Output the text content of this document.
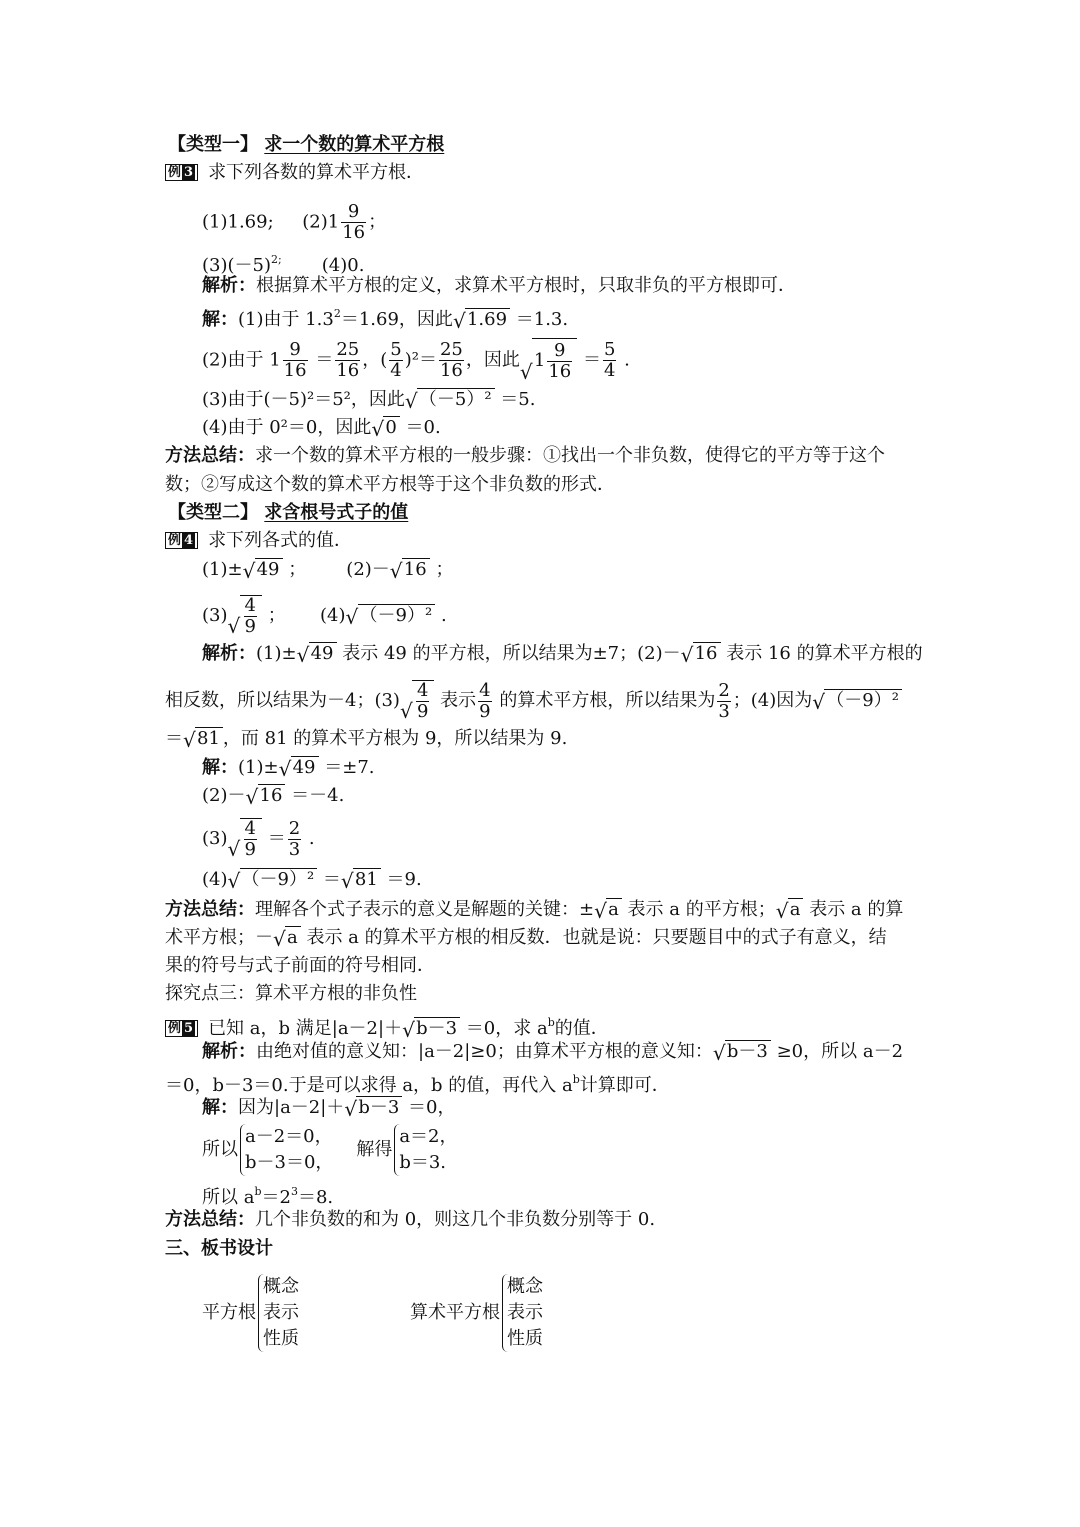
【类型一】 求一个数的算术平方根
例 3 求下列各数的算术平方根．
(1)1.69; $(2)1 \frac{9}{16}$ ；
$(3)(-5)^{2;}$ (4)0.
解析：根据算术平方根的定义，求算术平方根时，只取非负的平方根即可．
解：(1)由于 $1.3^2=1.69$，因此 √ 1.69 ＝1.3.
(2)由于 $1 \frac{9}{16} = \frac{25}{16}$ ，( $\frac{5}{4} )^2= \frac{25}{16}$ ，因此 √ $1 \frac{9}{16} = \frac{5}{4}$ .
(3)由于(－5)²＝5²，因此 √ （－5）² ＝5.
(4)由于 0²＝0，因此 √ 0 ＝0.
方法总结：求一个数的算术平方根的一般步骤：①找出一个非负数，使得它的平方等于这个
数；②写成这个数的算术平方根等于这个非负数的形式．
【类型二】 求含根号式子的值
例 4 求下列各式的值．
(1)± √ 49 ； (2)－ √ 16 ；
(3) √ $\frac{4}{9}$ ； (4) √ （－9）² .
解析：(1)± √ 49 表示 49 的平方根，所以结果为±7；(2)－ √ 16 表示 16 的算术平方根的
相反数，所以结果为－4；(3) √ $\frac{4}{9}$ 表示 $\frac{4}{9}$ 的算术平方根，所以结果为 $\frac{2}{3}$ ；(4)因为 √ （－9）²
＝ √ 81 ，而 81 的算术平方根为 9，所以结果为 9.
解：(1)± √ 49 ＝±7.
(2)－ √ 16 ＝－4.
(3) √ $\frac{4}{9} = \frac{2}{3}$ .
(4) √ （－9）² ＝ √ 81 ＝9.
方法总结：理解各个式子表示的意义是解题的关键：± √ a 表示 a 的平方根； √ a 表示 a 的算
术平方根；－ √ a 表示 a 的算术平方根的相反数．也就是说：只要题目中的式子有意义，结
果的符号与式子前面的符号相同．
探究点三：算术平方根的非负性
例 5 已知 a，b 满足|a－2|＋ √ b－3 ＝0，求 $a^b$的值．
解析：由绝对值的意义知：|a－2|≥0；由算术平方根的意义知： √ b－3 ≥0，所以 a－2
＝0，b－3＝0.于是可以求得 a，b 的值，再代入 $a^b$计算即可．
解：因为|a－2|＋ √ b－3 ＝0，
所以
a－2＝0，
b－3＝0，
解得
a＝2，
b＝3.
所以 $a^b=2^3=8$.
方法总结：几个非负数的和为 0，则这几个非负数分别等于 0.
三、板书设计
平方根
概念
表示
性质
算术平方根
概念
表示
性质
